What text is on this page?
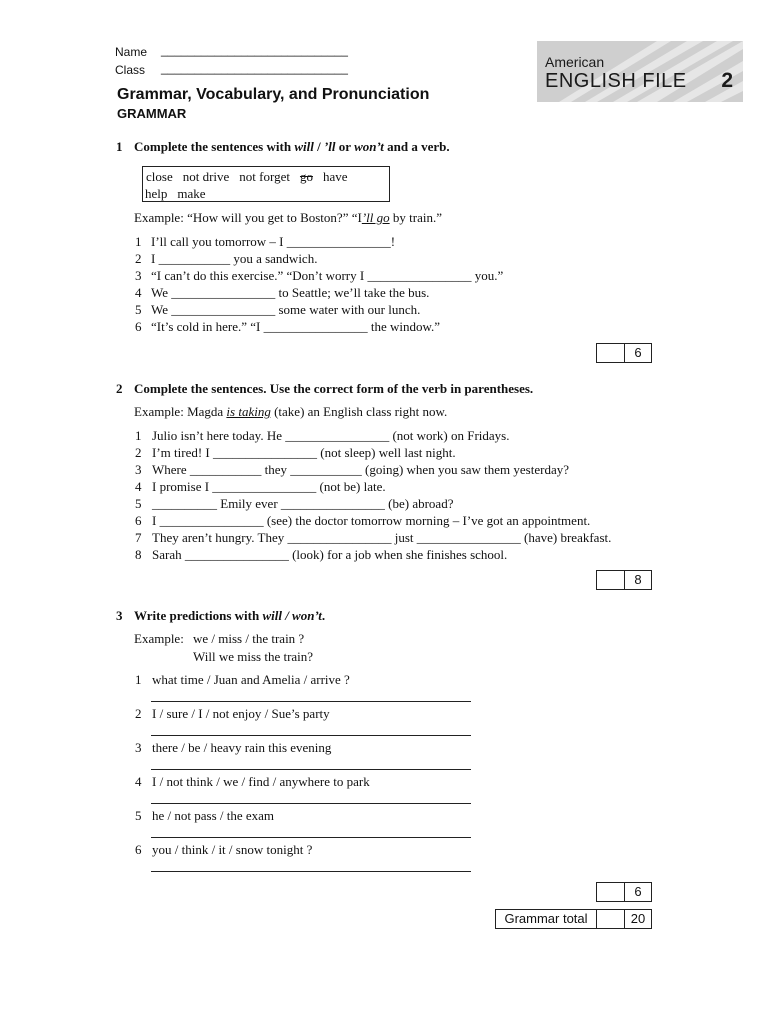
Name ____________________________
Class ____________________________
Grammar, Vocabulary, and Pronunciation
GRAMMAR
American
ENGLISH FILE 2
1 Complete the sentences with will / ’ll or won’t and a verb.
close not drive not forget go have
help make
Example: “How will you get to Boston?” “I’ll go by train.”
1 I’ll call you tomorrow – I ________________!
2 I ___________ you a sandwich.
3 “I can’t do this exercise.” “Don’t worry I ________________ you.”
4 We ________________ to Seattle; we’ll take the bus.
5 We ________________ some water with our lunch.
6 “It’s cold in here.” “I ________________ the window.”
6
2 Complete the sentences. Use the correct form of the verb in parentheses.
Example: Magda is taking (take) an English class right now.
1 Julio isn’t here today. He ________________ (not work) on Fridays.
2 I’m tired! I ________________ (not sleep) well last night.
3 Where ___________ they ___________ (going) when you saw them yesterday?
4 I promise I ________________ (not be) late.
5 __________ Emily ever ________________ (be) abroad?
6 I ________________ (see) the doctor tomorrow morning – I’ve got an appointment.
7 They aren’t hungry. They ________________ just ________________ (have) breakfast.
8 Sarah ________________ (look) for a job when she finishes school.
8
3 Write predictions with will / won’t.
Example: we / miss / the train ?
Will we miss the train?
1 what time / Juan and Amelia / arrive ?
2 I / sure / I / not enjoy / Sue’s party
3 there / be / heavy rain this evening
4 I / not think / we / find / anywhere to park
5 he / not pass / the exam
6 you / think / it / snow tonight ?
6
Grammar total	20
